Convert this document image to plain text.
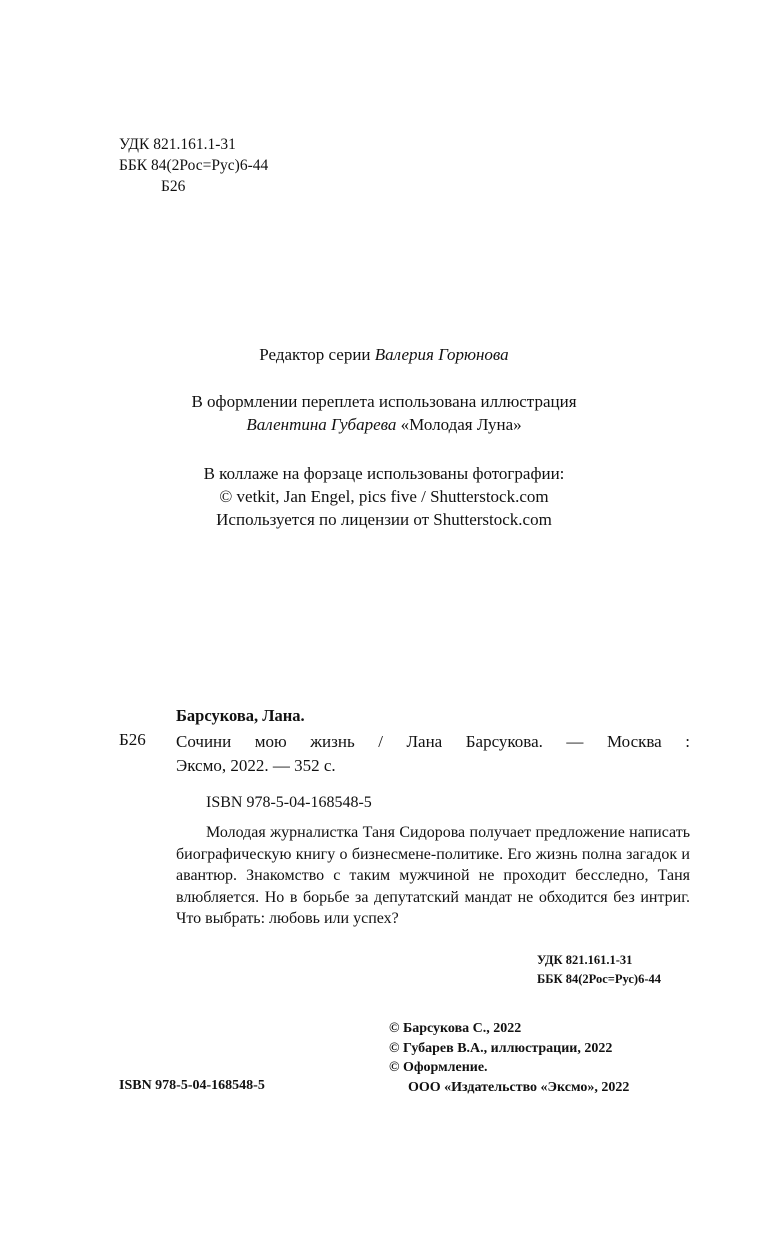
УДК 821.161.1-31
ББК 84(2Рос=Рус)6-44
Б26
Редактор серии Валерия Горюнова
В оформлении переплета использована иллюстрация
Валентина Губарева «Молодая Луна»
В коллаже на форзаце использованы фотографии:
© vetkit, Jan Engel, pics five / Shutterstock.com
Используется по лицензии от Shutterstock.com
Барсукова, Лана.
Б26 Сочини мою жизнь / Лана Барсукова. — Москва :
Эксмо, 2022. — 352 с.
ISBN 978-5-04-168548-5

Молодая журналистка Таня Сидорова получает предложение написать биографическую книгу о бизнесмене-политике. Его жизнь полна загадок и авантюр. Знакомство с таким мужчиной не проходит бесследно, Таня влюбляется. Но в борьбе за депутатский мандат не обходится без интриг. Что выбрать: любовь или успех?

УДК 821.161.1-31
ББК 84(2Рос=Рус)6-44
© Барсукова С., 2022
© Губарев В.А., иллюстрации, 2022
© Оформление.
ООО «Издательство «Эксмо», 2022
ISBN 978-5-04-168548-5
